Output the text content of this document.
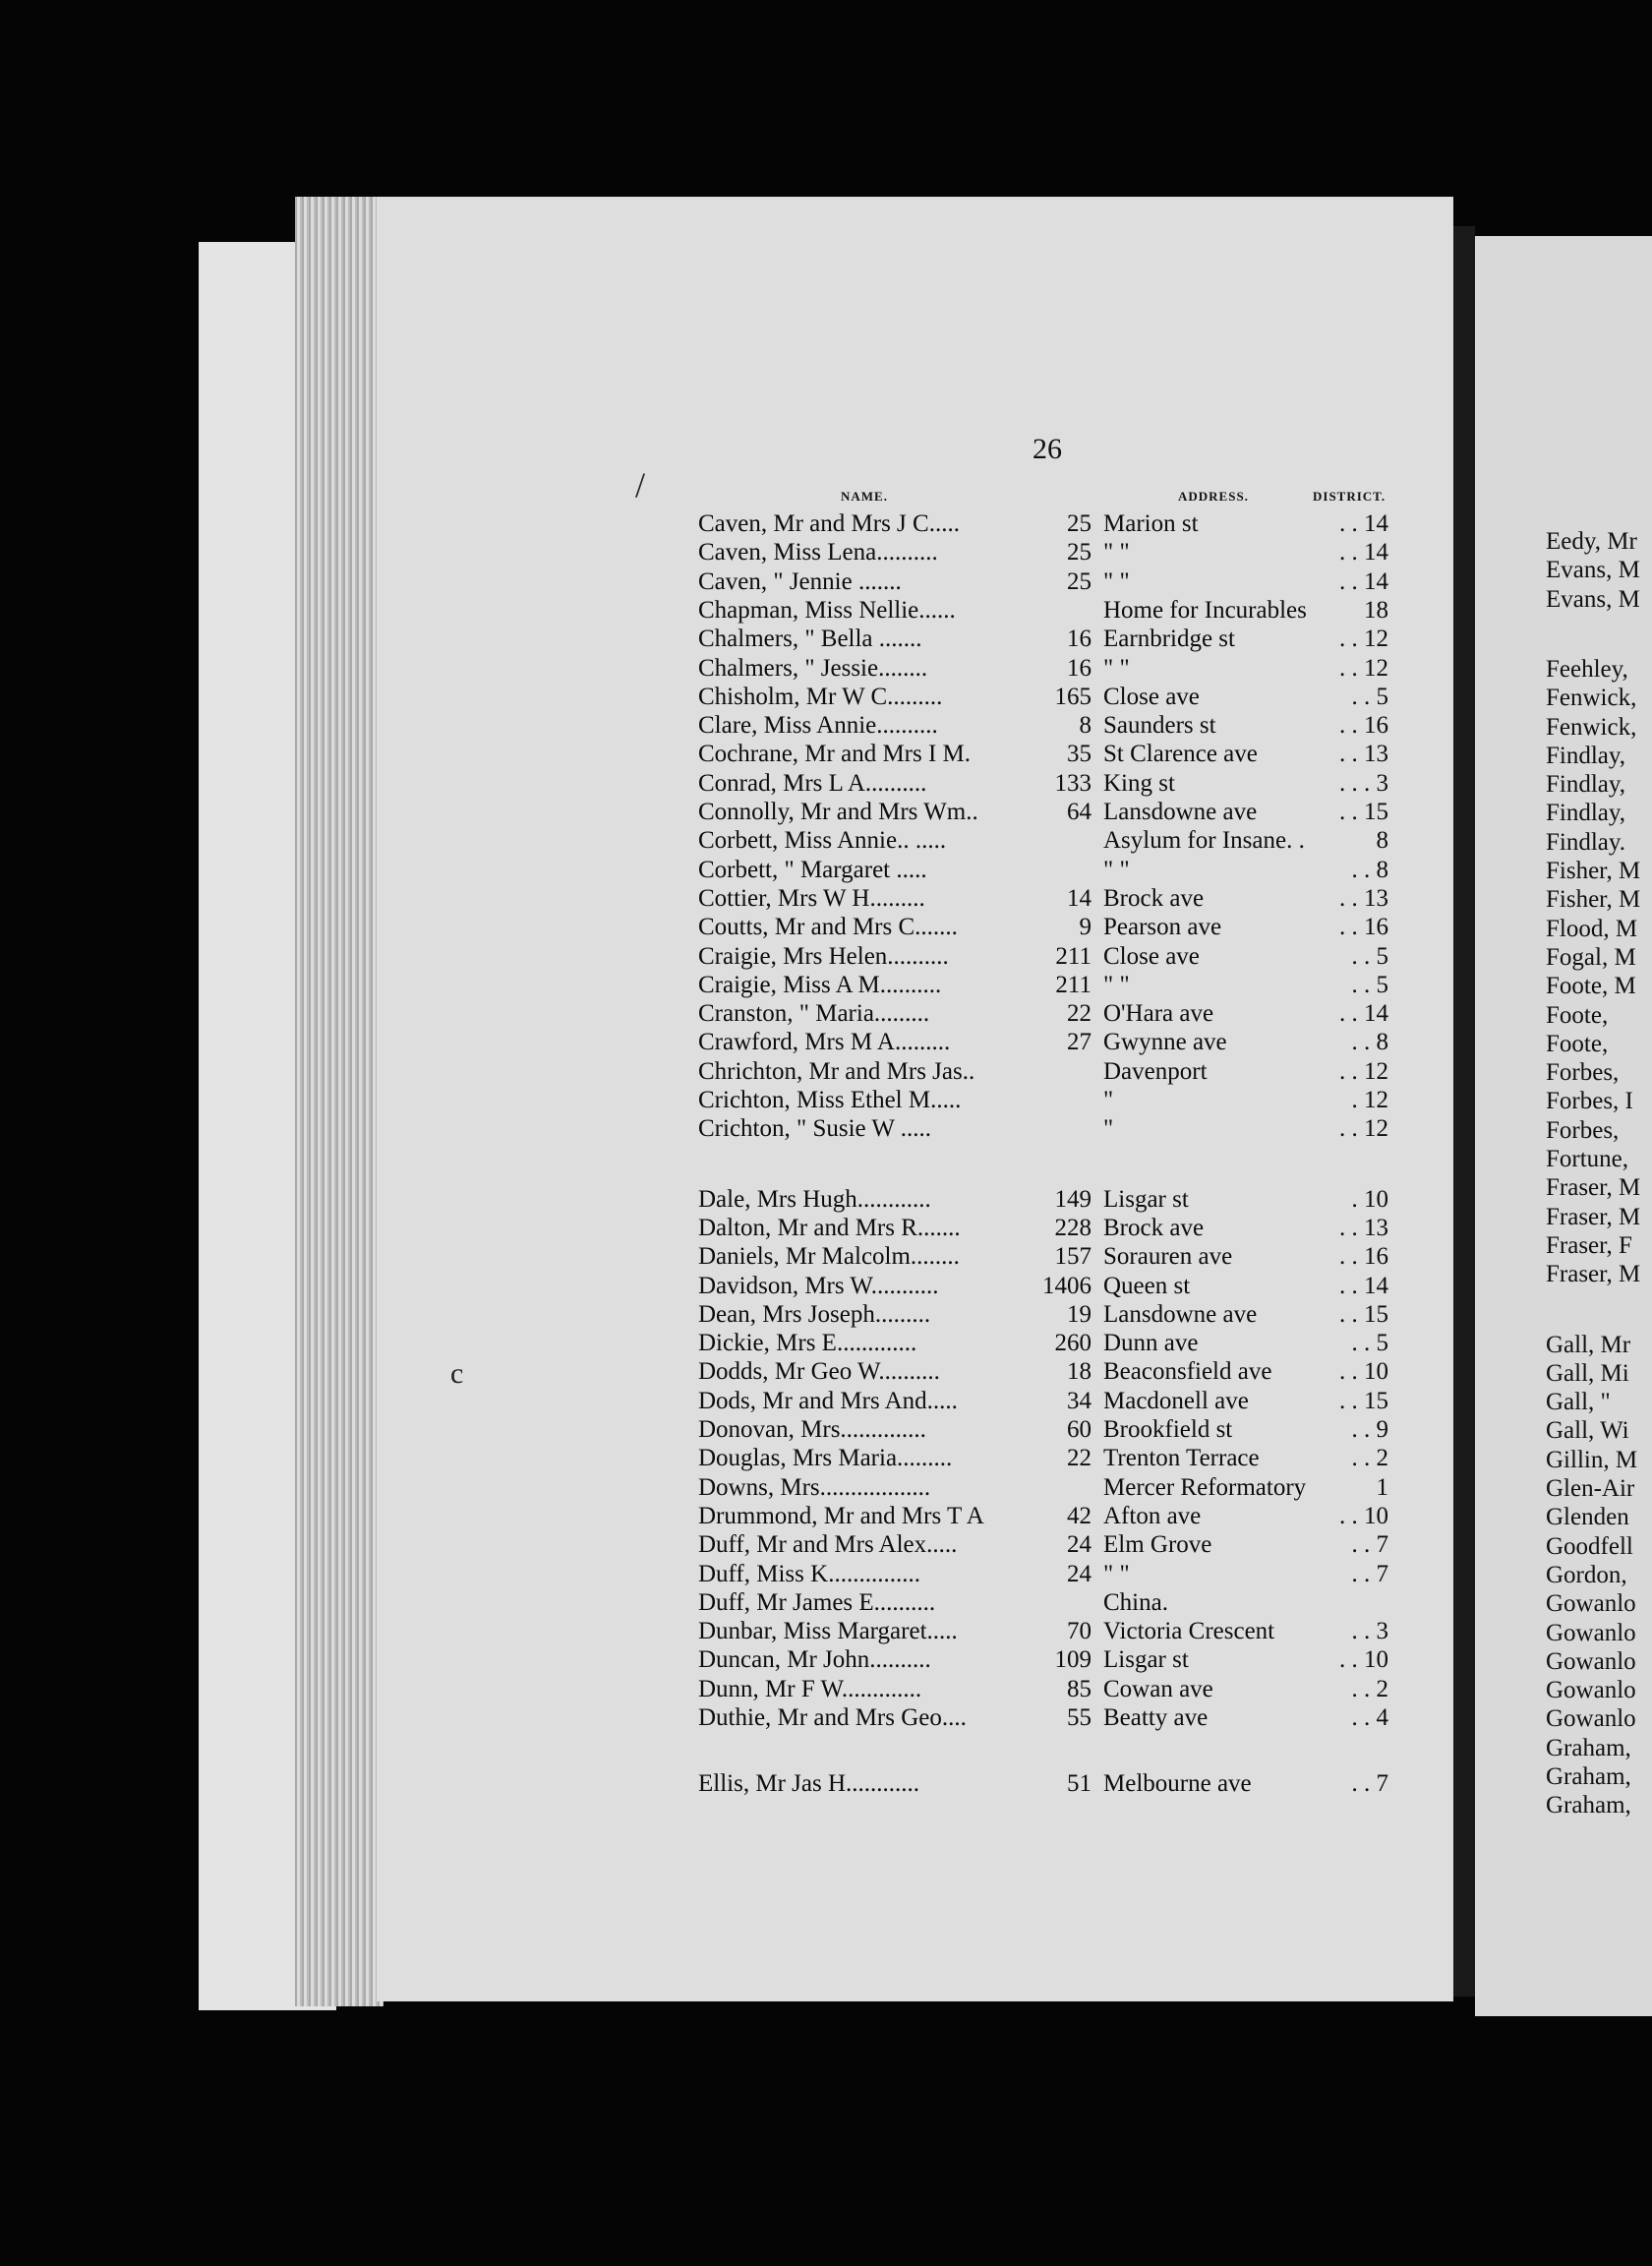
Eedy, Mr
Evans, M
Evans, M
Feehley,
Fenwick,
Fenwick,
Findlay,
Findlay,
Findlay,
Findlay.
Fisher, M
Fisher, M
Flood, M
Fogal, M
Foote, M
Foote,
Foote,
Forbes,
Forbes, I
Forbes,
Fortune,
Fraser, M
Fraser, M
Fraser, F
Fraser, M
Gall, Mr
Gall, Mi
Gall, "
Gall, Wi
Gillin, M
Glen-Air
Glenden
Goodfell
Gordon,
Gowanlo
Gowanlo
Gowanlo
Gowanlo
Gowanlo
Graham,
Graham,
Graham,
/
c
26
NAME.	ADDRESS.	DISTRICT.
Caven, Mr and Mrs J C.....	25 Marion st	. . 14
Caven, Miss Lena..........	25 " "	. . 14
Caven, " Jennie .......	25 " "	. . 14
Chapman, Miss Nellie......	Home for Incurables 18
Chalmers, " Bella .......	16 Earnbridge st	. . 12
Chalmers, " Jessie........	16 " "	. . 12
Chisholm, Mr W C.........	165 Close ave	. . 5
Clare, Miss Annie..........	8 Saunders st	. . 16
Cochrane, Mr and Mrs I M.	35 St Clarence ave	. . 13
Conrad, Mrs L A..........	133 King st	. . . 3
Connolly, Mr and Mrs Wm..	64 Lansdowne ave	. . 15
Corbett, Miss Annie.. .....	Asylum for Insane. .	8
Corbett, " Margaret .....	" "	. . 8
Cottier, Mrs W H.........	14 Brock ave	. . 13
Coutts, Mr and Mrs C.......	9 Pearson ave	. . 16
Craigie, Mrs Helen..........	211 Close ave	. . 5
Craigie, Miss A M..........	211 " "	. . 5
Cranston, " Maria.........	22 O'Hara ave	. . 14
Crawford, Mrs M A.........	27 Gwynne ave	. . 8
Chrichton, Mr and Mrs Jas..	Davenport	. . 12
Crichton, Miss Ethel M.....	"	. 12
Crichton, " Susie W .....	"	. . 12
Dale, Mrs Hugh............	149 Lisgar st	. 10
Dalton, Mr and Mrs R.......	228 Brock ave	. . 13
Daniels, Mr Malcolm........	157 Sorauren ave	. . 16
Davidson, Mrs W...........	1406 Queen st	. . 14
Dean, Mrs Joseph.........	19 Lansdowne ave	. . 15
Dickie, Mrs E.............	260 Dunn ave	. . 5
Dodds, Mr Geo W..........	18 Beaconsfield ave	. . 10
Dods, Mr and Mrs And.....	34 Macdonell ave	. . 15
Donovan, Mrs..............	60 Brookfield st	. . 9
Douglas, Mrs Maria.........	22 Trenton Terrace	. . 2
Downs, Mrs..................	Mercer Reformatory	1
Drummond, Mr and Mrs T A	42 Afton ave	. . 10
Duff, Mr and Mrs Alex.....	24 Elm Grove	. . 7
Duff, Miss K...............	24 " "	. . 7
Duff, Mr James E..........	China.
Dunbar, Miss Margaret.....	70 Victoria Crescent	. . 3
Duncan, Mr John..........	109 Lisgar st	. . 10
Dunn, Mr F W.............	85 Cowan ave	. . 2
Duthie, Mr and Mrs Geo....	55 Beatty ave	. . 4
Ellis, Mr Jas H............	51 Melbourne ave	. . 7
